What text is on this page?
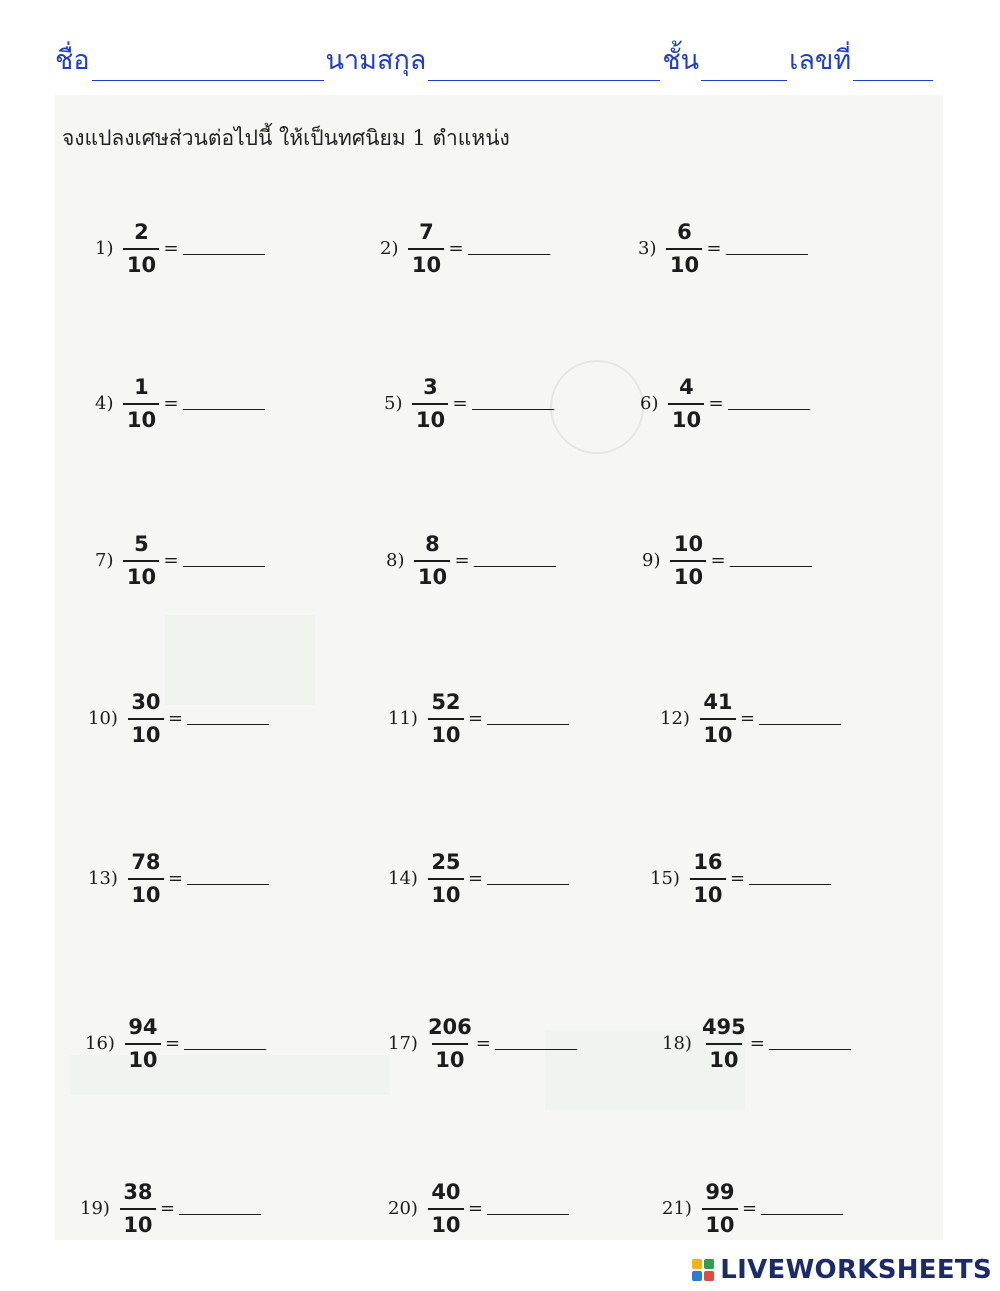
ชื่อ	นามสกุล	ชั้น	เลขที่
จงแปลงเศษส่วนต่อไปนี้ ให้เป็นทศนิยม 1 ตำแหน่ง
$1) \frac{2}{10}$ =	$2) \frac{7}{10}$ =	$3) \frac{6}{10}$ =
$4) \frac{1}{10}$ =	$5) \frac{3}{10}$ =	$6) \frac{4}{10}$ =
$7) \frac{5}{10}$ =	$8) \frac{8}{10}$ =	$9) \frac{10}{10}$ =
$10) \frac{30}{10}$ =	$11) \frac{52}{10}$ =	$12) \frac{41}{10}$ =
$13) \frac{78}{10}$ =	$14) \frac{25}{10}$ =	$15) \frac{16}{10}$ =
$16) \frac{94}{10}$ =	$17) \frac{206}{10}$ =	$18) \frac{495}{10}$ =
$19) \frac{38}{10}$ =	$20) \frac{40}{10}$ =	$21) \frac{99}{10}$ =
LIVEWORKSHEETS
